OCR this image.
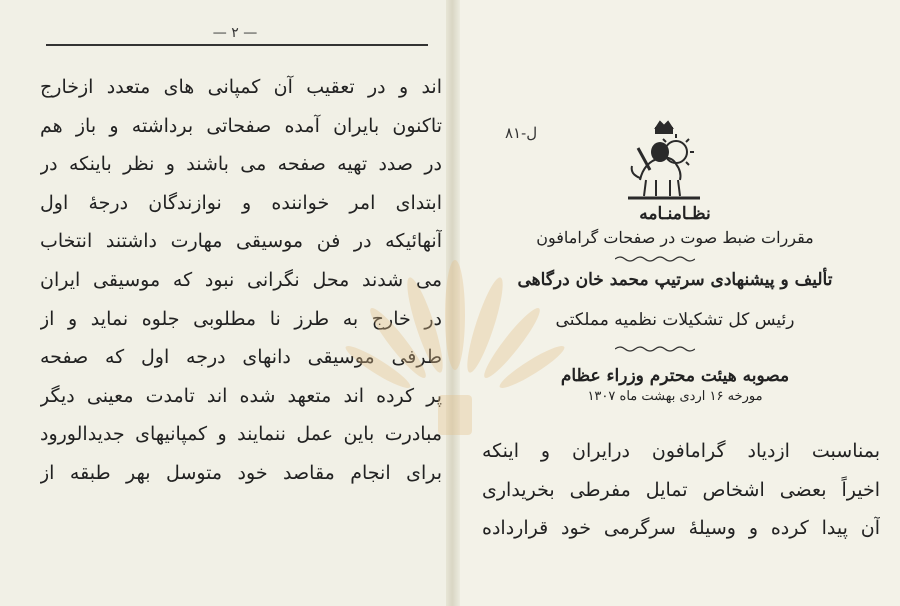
— ۲ —
اند و در تعقیب آن کمپانی های متعدد ازخارج
تاکنون بایران آمده صفحاتی برداشته و باز هم
در صدد تهیه صفحه می باشند و نظر باینکه در
ابتدای امر خواننده و نوازندگان درجهٔ اول
آنهائیکه در فن موسیقی مهارت داشتند انتخاب
می شدند محل نگرانی نبود که موسیقی ایران
در خارج به طرز نا مطلوبی جلوه نماید و از
طرفی موسیقی دانهای درجه اول که صفحه
پر کرده اند متعهد شده اند تامدت معینی دیگر
مبادرت باین عمل ننمایند و کمپانیهای جدیدالورود
برای انجام مقاصد خود متوسل بهر طبقه از
ل-۸۱
نظـامنـامه
مقررات ضبط صوت در صفحات گرامافون
تألیف و پیشنهادی سرتیپ محمد خان درگاهی
رئیس کل تشکیلات نظمیه مملکتی
مصوبه هیئت محترم وزراء عظام
مورخه ۱۶ اردی بهشت ماه ۱۳۰۷
بمناسبت ازدیاد گرامافون درایران و اینکه
اخیراً بعضی اشخاص تمایل مفرطی بخریداری
آن پیدا کرده و وسیلهٔ سرگرمی خود قرارداده
